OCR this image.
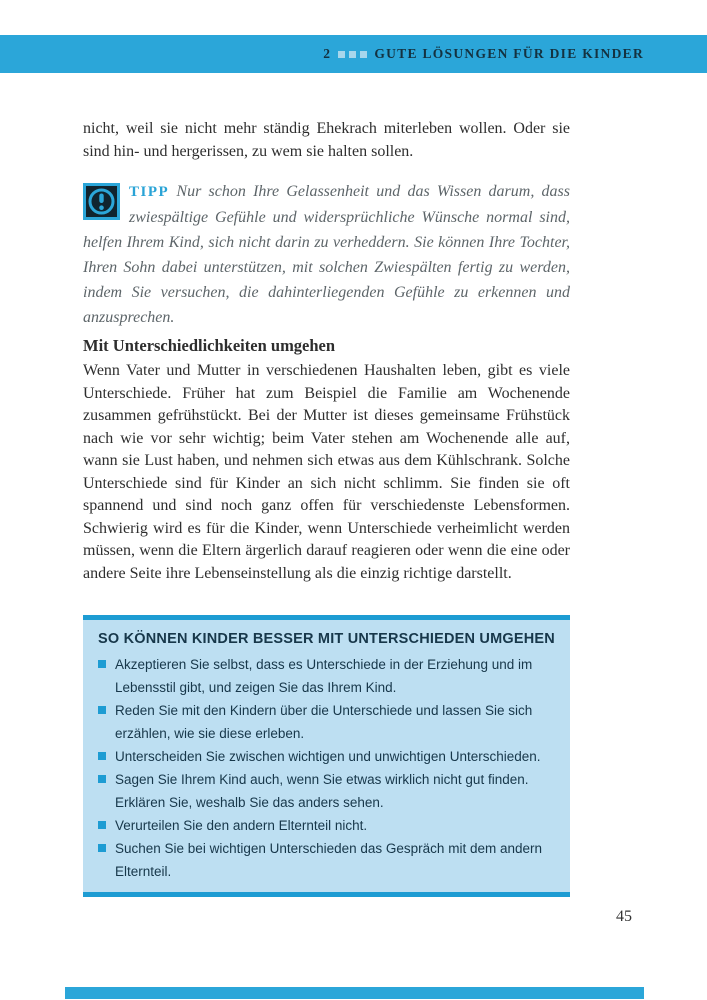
2	GUTE LÖSUNGEN FÜR DIE KINDER

nicht, weil sie nicht mehr ständig Ehekrach miterleben wollen. Oder sie sind hin- und hergerissen, zu wem sie halten sollen.

TIPP Nur schon Ihre Gelassenheit und das Wissen darum, dass zwiespältige Gefühle und widersprüchliche Wünsche normal sind, helfen Ihrem Kind, sich nicht darin zu verheddern. Sie können Ihre Tochter, Ihren Sohn dabei unterstützen, mit solchen Zwiespälten fertig zu werden, indem Sie versuchen, die dahinterliegenden Gefühle zu erkennen und anzusprechen.

Mit Unterschiedlichkeiten umgehen

Wenn Vater und Mutter in verschiedenen Haushalten leben, gibt es viele Unterschiede. Früher hat zum Beispiel die Familie am Wochenende zusammen gefrühstückt. Bei der Mutter ist dieses gemeinsame Frühstück nach wie vor sehr wichtig; beim Vater stehen am Wochenende alle auf, wann sie Lust haben, und nehmen sich etwas aus dem Kühlschrank. Solche Unterschiede sind für Kinder an sich nicht schlimm. Sie finden sie oft spannend und sind noch ganz offen für verschiedenste Lebensformen. Schwierig wird es für die Kinder, wenn Unterschiede verheimlicht werden müssen, wenn die Eltern ärgerlich darauf reagieren oder wenn die eine oder andere Seite ihre Lebenseinstellung als die einzig richtige darstellt.

SO KÖNNEN KINDER BESSER MIT UNTERSCHIEDEN UMGEHEN
Akzeptieren Sie selbst, dass es Unterschiede in der Erziehung und im Lebensstil gibt, und zeigen Sie das Ihrem Kind.
Reden Sie mit den Kindern über die Unterschiede und lassen Sie sich erzählen, wie sie diese erleben.
Unterscheiden Sie zwischen wichtigen und unwichtigen Unterschieden.
Sagen Sie Ihrem Kind auch, wenn Sie etwas wirklich nicht gut finden. Erklären Sie, weshalb Sie das anders sehen.
Verurteilen Sie den andern Elternteil nicht.
Suchen Sie bei wichtigen Unterschieden das Gespräch mit dem andern Elternteil.
45
